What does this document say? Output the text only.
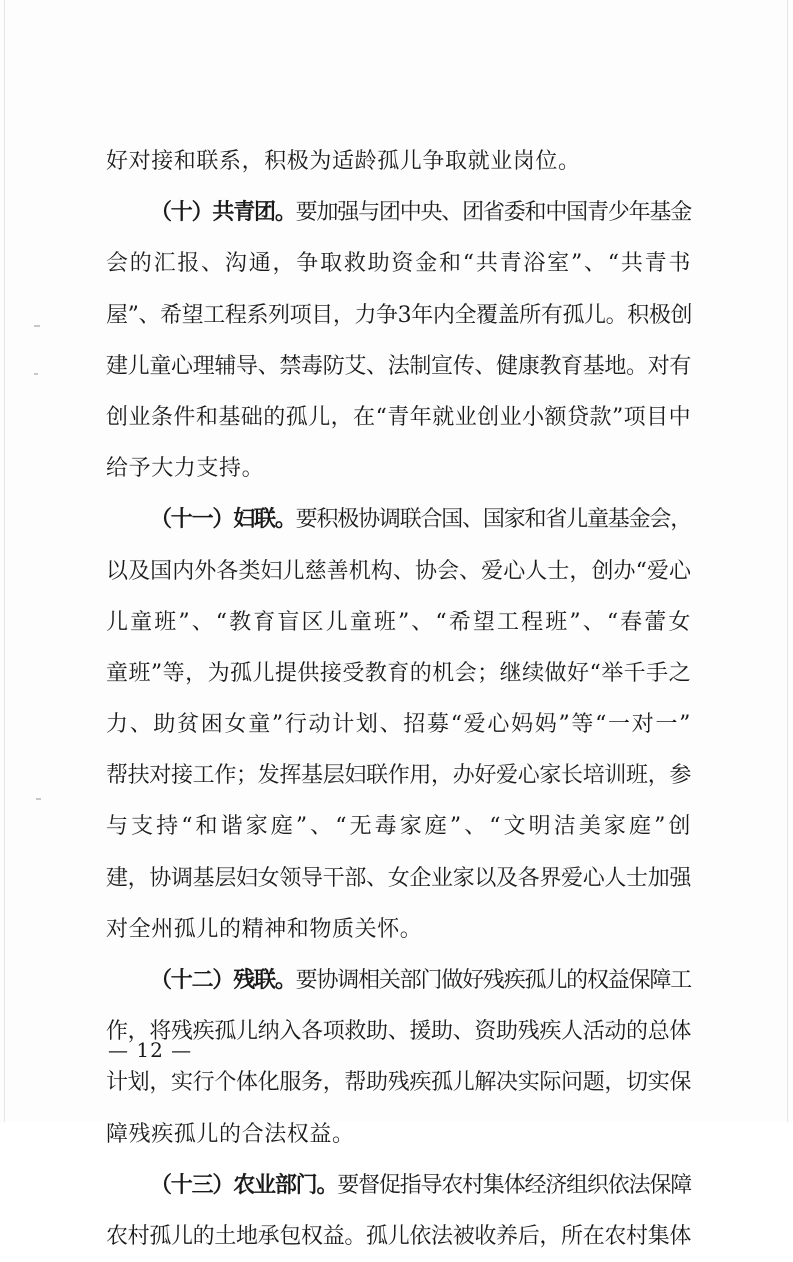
好对接和联系，积极为适龄孤儿争取就业岗位。
（十）共青团。要加强与团中央、团省委和中国青少年基金
会的汇报、沟通，争取救助资金和“共青浴室”、“共青书
屋”、希望工程系列项目，力争3年内全覆盖所有孤儿。积极创
建儿童心理辅导、禁毒防艾、法制宣传、健康教育基地。对有
创业条件和基础的孤儿，在“青年就业创业小额贷款”项目中
给予大力支持。
（十一）妇联。要积极协调联合国、国家和省儿童基金会，
以及国内外各类妇儿慈善机构、协会、爱心人士，创办“爱心
儿童班”、“教育盲区儿童班”、“希望工程班”、“春蕾女
童班”等，为孤儿提供接受教育的机会；继续做好“举千手之
力、助贫困女童”行动计划、招募“爱心妈妈”等“一对一”
帮扶对接工作；发挥基层妇联作用，办好爱心家长培训班，参
与支持“和谐家庭”、“无毒家庭”、“文明洁美家庭”创
建，协调基层妇女领导干部、女企业家以及各界爱心人士加强
对全州孤儿的精神和物质关怀。
（十二）残联。要协调相关部门做好残疾孤儿的权益保障工
作，将残疾孤儿纳入各项救助、援助、资助残疾人活动的总体
计划，实行个体化服务，帮助残疾孤儿解决实际问题，切实保
障残疾孤儿的合法权益。
（十三）农业部门。要督促指导农村集体经济组织依法保障
农村孤儿的土地承包权益。孤儿依法被收养后，所在农村集体
— 12 —
